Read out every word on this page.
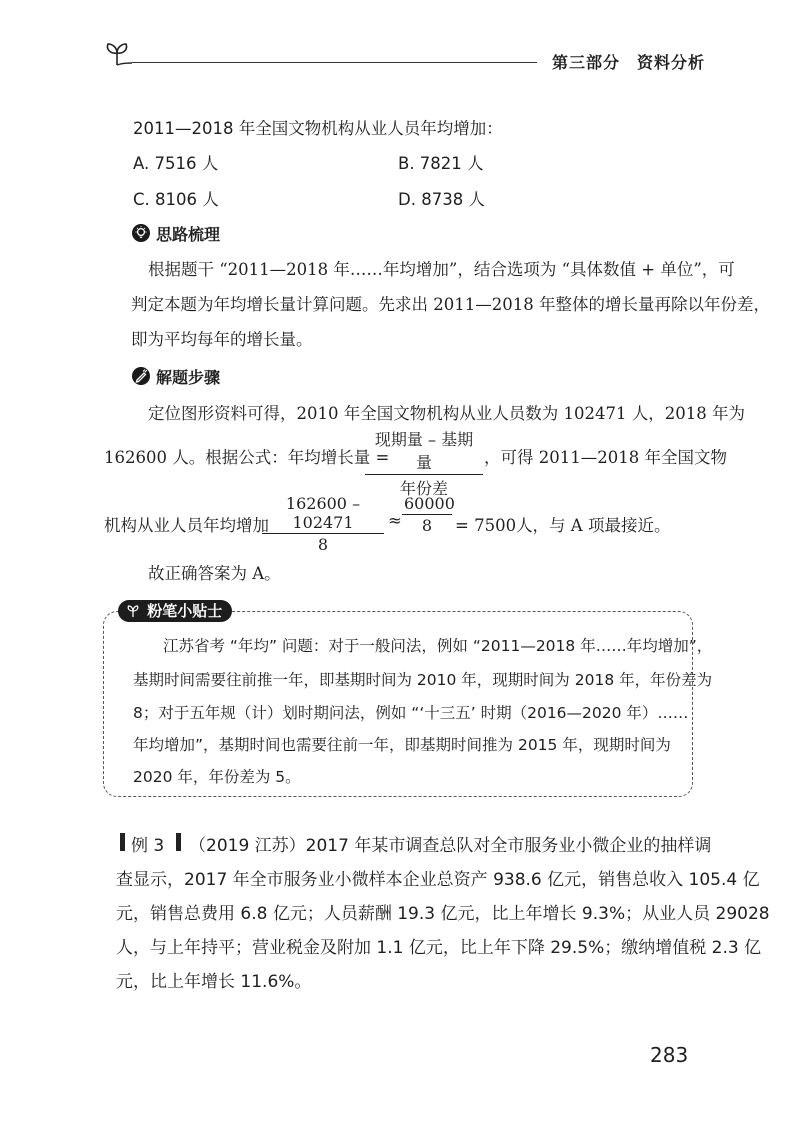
第三部分　资料分析
2011—2018 年全国文物机构从业人员年均增加：
A. 7516 人	B. 7821 人
C. 8106 人	D. 8738 人
思路梳理
根据题干 “2011—2018 年……年均增加”，结合选项为 “具体数值 + 单位”，可
判定本题为年均增长量计算问题。先求出 2011—2018 年整体的增长量再除以年份差，
即为平均每年的增长量。
解题步骤
定位图形资料可得，2010 年全国文物机构从业人员数为 102471 人，2018 年为
162600 人。根据公式：年均增长量 =
现期量 – 基期量
年份差
，可得 2011—2018 年全国文物
机构从业人员年均增加
$\frac{162600 - 102471}{8} \approx \frac{60000}{8} = 7500$人，与 A 项最接近。
故正确答案为 A。
粉笔小贴士
江苏省考 “年均” 问题：对于一般问法，例如 “2011—2018 年……年均增加”，
基期时间需要往前推一年，即基期时间为 2010 年，现期时间为 2018 年，年份差为
8；对于五年规（计）划时期问法，例如 “‘十三五’ 时期（2016—2020 年）……
年均增加”，基期时间也需要往前一年，即基期时间推为 2015 年，现期时间为
2020 年，年份差为 5。
例 3 （2019 江苏）2017 年某市调查总队对全市服务业小微企业的抽样调
查显示，2017 年全市服务业小微样本企业总资产 938.6 亿元，销售总收入 105.4 亿
元，销售总费用 6.8 亿元；人员薪酬 19.3 亿元，比上年增长 9.3%；从业人员 29028
人，与上年持平；营业税金及附加 1.1 亿元，比上年下降 29.5%；缴纳增值税 2.3 亿
元，比上年增长 11.6%。
283
